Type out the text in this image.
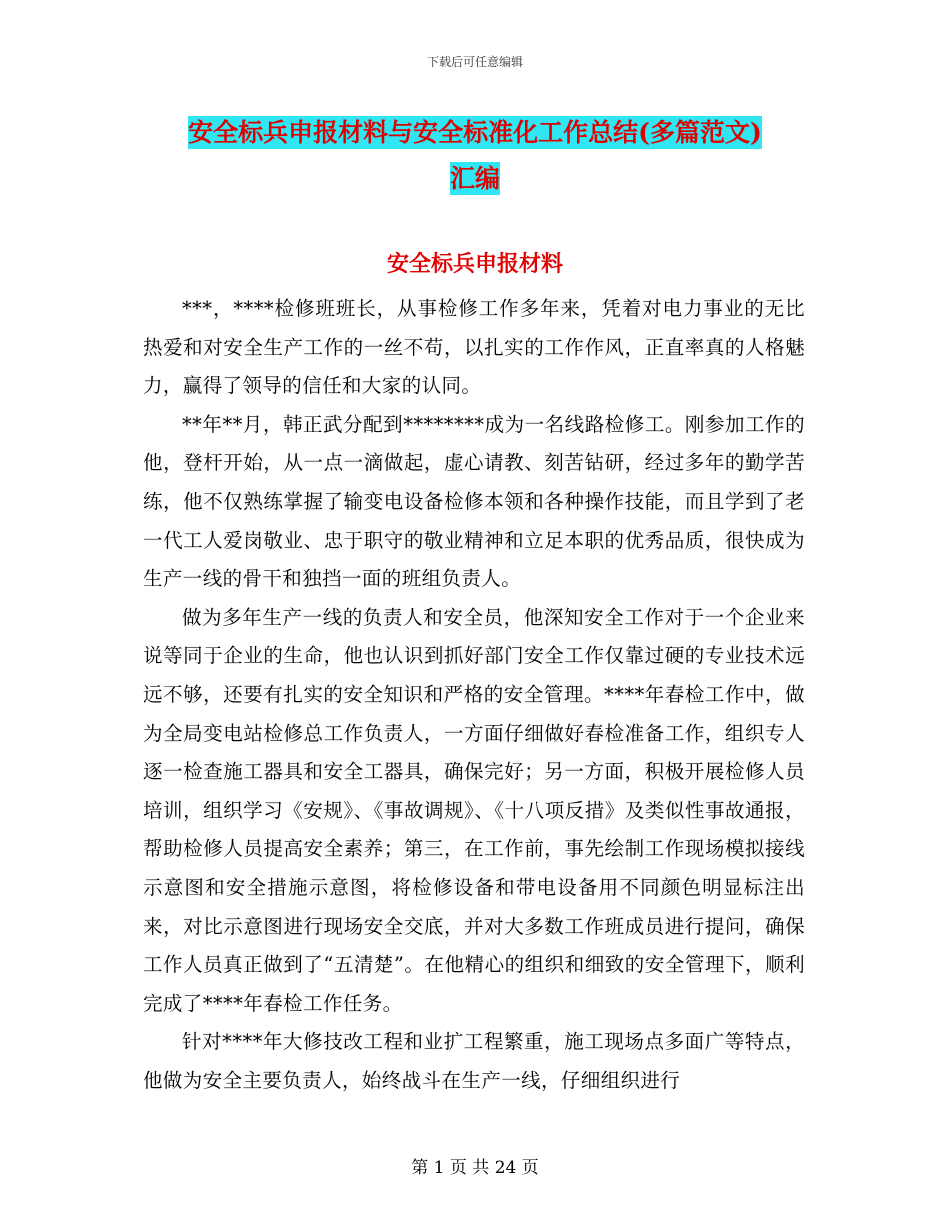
下载后可任意编辑
安全标兵申报材料与安全标准化工作总结(多篇范文)
汇编
安全标兵申报材料

***，****检修班班长，从事检修工作多年来，凭着对电力事业的无比热爱和对安全生产工作的一丝不苟，以扎实的工作作风，正直率真的人格魅力，赢得了领导的信任和大家的认同。

**年**月，韩正武分配到********成为一名线路检修工。刚参加工作的他，登杆开始，从一点一滴做起，虚心请教、刻苦钻研，经过多年的勤学苦练，他不仅熟练掌握了输变电设备检修本领和各种操作技能，而且学到了老一代工人爱岗敬业、忠于职守的敬业精神和立足本职的优秀品质，很快成为生产一线的骨干和独挡一面的班组负责人。

做为多年生产一线的负责人和安全员，他深知安全工作对于一个企业来说等同于企业的生命，他也认识到抓好部门安全工作仅靠过硬的专业技术远远不够，还要有扎实的安全知识和严格的安全管理。****年春检工作中，做为全局变电站检修总工作负责人，一方面仔细做好春检准备工作，组织专人逐一检查施工器具和安全工器具，确保完好；另一方面，积极开展检修人员培训，组织学习《安规》、《事故调规》、《十八项反措》及类似性事故通报，帮助检修人员提高安全素养；第三，在工作前，事先绘制工作现场模拟接线示意图和安全措施示意图，将检修设备和带电设备用不同颜色明显标注出来，对比示意图进行现场安全交底，并对大多数工作班成员进行提问，确保工作人员真正做到了“五清楚”。在他精心的组织和细致的安全管理下，顺利完成了****年春检工作任务。

针对****年大修技改工程和业扩工程繁重，施工现场点多面广等特点，他做为安全主要负责人，始终战斗在生产一线，仔细组织进行

第 1 页 共 24 页
